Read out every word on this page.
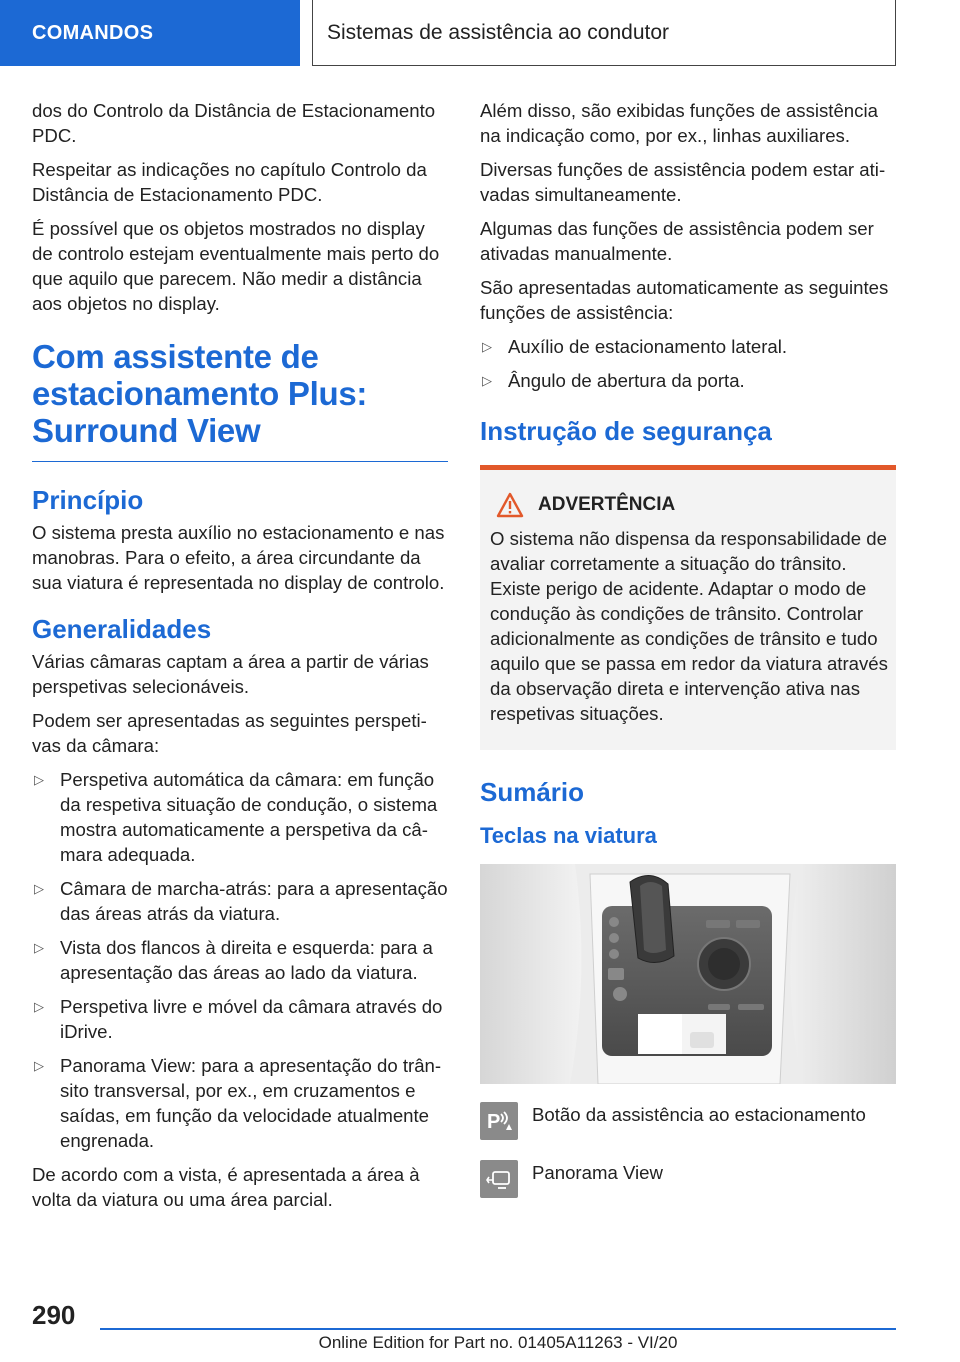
COMANDOS	Sistemas de assistência ao condutor

dos do Controlo da Distância de Estacionamento PDC.

Respeitar as indicações no capítulo Controlo da Distância de Estacionamento PDC.

É possível que os objetos mostrados no display de controlo estejam eventualmente mais perto do que aquilo que parecem. Não medir a distância aos objetos no display.

Com assistente de estacionamento Plus: Surround View
Princípio

O sistema presta auxílio no estacionamento e nas manobras. Para o efeito, a área circundante da sua viatura é representada no display de controlo.

Generalidades

Várias câmaras captam a área a partir de várias perspetivas selecionáveis.

Podem ser apresentadas as seguintes perspetivas da câmara:

▷ Perspetiva automática da câmara: em função da respetiva situação de condução, o sistema mostra automaticamente a perspetiva da câmara adequada.
▷ Câmara de marcha-atrás: para a apresentação das áreas atrás da viatura.
▷ Vista dos flancos à direita e esquerda: para a apresentação das áreas ao lado da viatura.
▷ Perspetiva livre e móvel da câmara através do iDrive.
▷ Panorama View: para a apresentação do trânsito transversal, por ex., em cruzamentos e saídas, em função da velocidade atualmente engrenada.

De acordo com a vista, é apresentada a área à volta da viatura ou uma área parcial.

Além disso, são exibidas funções de assistência na indicação como, por ex., linhas auxiliares.

Diversas funções de assistência podem estar ativadas simultaneamente.

Algumas das funções de assistência podem ser ativadas manualmente.

São apresentadas automaticamente as seguintes funções de assistência:

▷ Auxílio de estacionamento lateral.
▷ Ângulo de abertura da porta.
Instrução de segurança
ADVERTÊNCIA

O sistema não dispensa da responsabilidade de avaliar corretamente a situação do trânsito. Existe perigo de acidente. Adaptar o modo de condução às condições de trânsito. Controlar adicionalmente as condições de trânsito e tudo aquilo que se passa em redor da viatura através da observação direta e intervenção ativa nas respetivas situações.

Sumário
Teclas na viatura
P Botão da assistência ao estacionamento
Panorama View
290
Online Edition for Part no. 01405A11263 - VI/20
